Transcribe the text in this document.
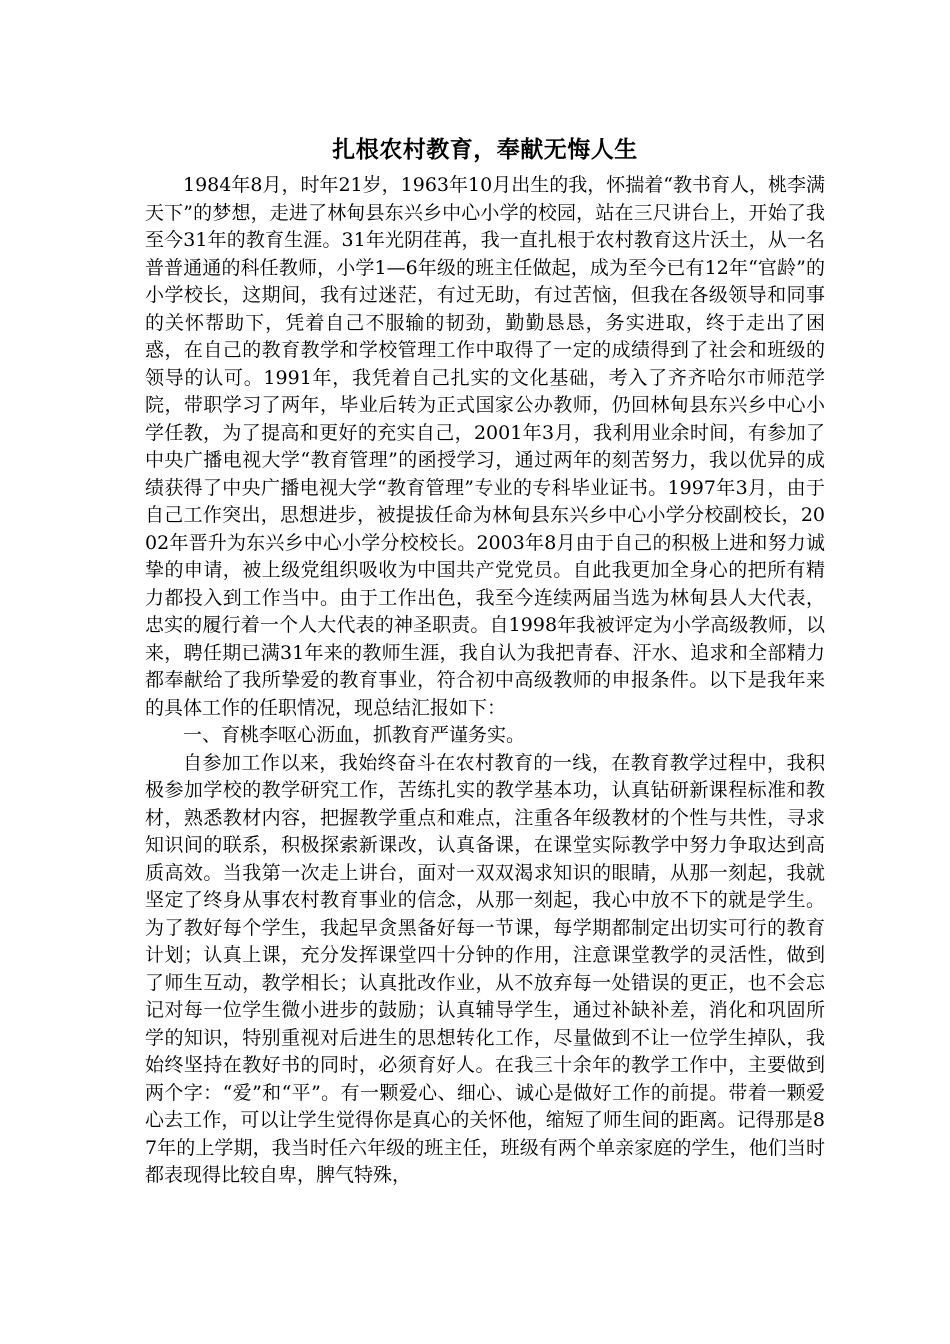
扎根农村教育，奉献无悔人生

1984年8月，时年21岁，1963年10月出生的我，怀揣着“教书育人，桃李满天下”的梦想，走进了林甸县东兴乡中心小学的校园，站在三尺讲台上，开始了我至今31年的教育生涯。31年光阴荏苒，我一直扎根于农村教育这片沃土，从一名普普通通的科任教师，小学1—6年级的班主任做起，成为至今已有12年“官龄”的小学校长，这期间，我有过迷茫，有过无助，有过苦恼，但我在各级领导和同事的关怀帮助下，凭着自己不服输的韧劲，勤勤恳恳，务实进取，终于走出了困惑，在自己的教育教学和学校管理工作中取得了一定的成绩得到了社会和班级的领导的认可。1991年，我凭着自己扎实的文化基础，考入了齐齐哈尔市师范学院，带职学习了两年，毕业后转为正式国家公办教师，仍回林甸县东兴乡中心小学任教，为了提高和更好的充实自己，2001年3月，我利用业余时间，有参加了中央广播电视大学“教育管理”的函授学习，通过两年的刻苦努力，我以优异的成绩获得了中央广播电视大学“教育管理”专业的专科毕业证书。1997年3月，由于自己工作突出，思想进步，被提拔任命为林甸县东兴乡中心小学分校副校长，2002年晋升为东兴乡中心小学分校校长。2003年8月由于自己的积极上进和努力诚挚的申请，被上级党组织吸收为中国共产党党员。自此我更加全身心的把所有精力都投入到工作当中。由于工作出色，我至今连续两届当选为林甸县人大代表，忠实的履行着一个人大代表的神圣职责。自1998年我被评定为小学高级教师，以来，聘任期已满31年来的教师生涯，我自认为我把青春、汗水、追求和全部精力都奉献给了我所挚爱的教育事业，符合初中高级教师的申报条件。以下是我年来的具体工作的任职情况，现总结汇报如下：

一、育桃李呕心沥血，抓教育严谨务实。

自参加工作以来，我始终奋斗在农村教育的一线，在教育教学过程中，我积极参加学校的教学研究工作，苦练扎实的教学基本功，认真钻研新课程标准和教材，熟悉教材内容，把握教学重点和难点，注重各年级教材的个性与共性，寻求知识间的联系，积极探索新课改，认真备课，在课堂实际教学中努力争取达到高质高效。当我第一次走上讲台，面对一双双渴求知识的眼睛，从那一刻起，我就坚定了终身从事农村教育事业的信念，从那一刻起，我心中放不下的就是学生。为了教好每个学生，我起早贪黑备好每一节课，每学期都制定出切实可行的教育计划；认真上课，充分发挥课堂四十分钟的作用，注意课堂教学的灵活性，做到了师生互动，教学相长；认真批改作业，从不放弃每一处错误的更正，也不会忘记对每一位学生微小进步的鼓励；认真辅导学生，通过补缺补差，消化和巩固所学的知识，特别重视对后进生的思想转化工作，尽量做到不让一位学生掉队，我始终坚持在教好书的同时，必须育好人。在我三十余年的教学工作中，主要做到两个字：“爱”和“平”。有一颗爱心、细心、诚心是做好工作的前提。带着一颗爱心去工作，可以让学生觉得你是真心的关怀他，缩短了师生间的距离。记得那是87年的上学期，我当时任六年级的班主任，班级有两个单亲家庭的学生，他们当时都表现得比较自卑，脾气特殊，
